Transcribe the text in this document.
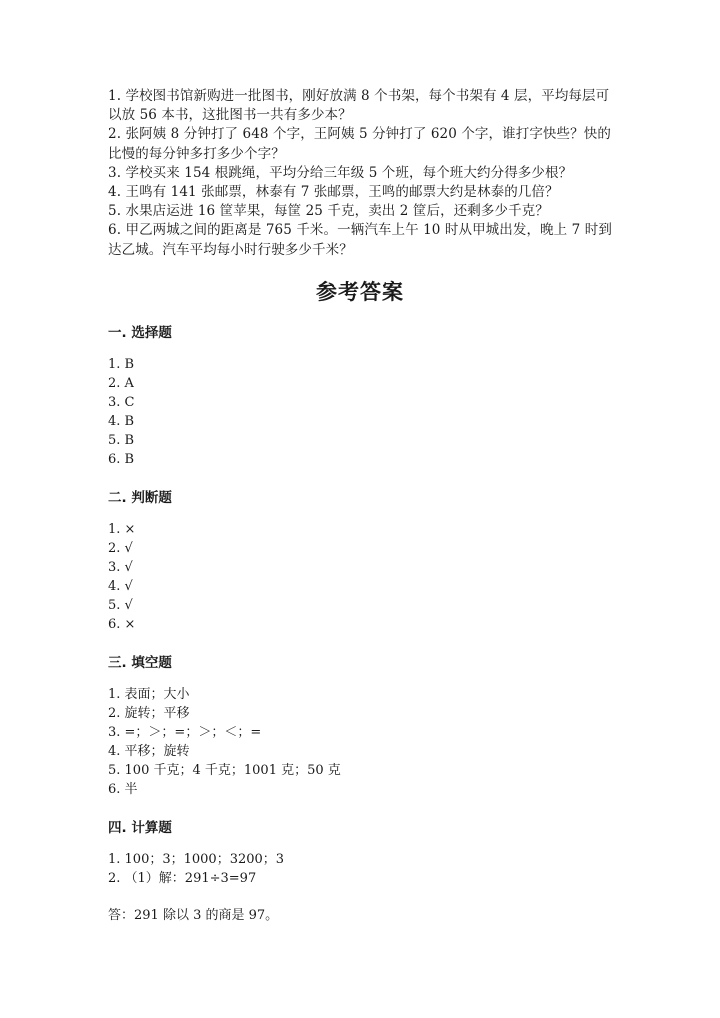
1. 学校图书馆新购进一批图书，刚好放满 8 个书架，每个书架有 4 层，平均每层可以放 56 本书，这批图书一共有多少本？

2. 张阿姨 8 分钟打了 648 个字，王阿姨 5 分钟打了 620 个字，谁打字快些？快的比慢的每分钟多打多少个字？

3. 学校买来 154 根跳绳，平均分给三年级 5 个班，每个班大约分得多少根？

4. 王鸣有 141 张邮票，林泰有 7 张邮票，王鸣的邮票大约是林泰的几倍？

5. 水果店运进 16 筐苹果，每筐 25 千克，卖出 2 筐后，还剩多少千克？

6. 甲乙两城之间的距离是 765 千米。一辆汽车上午 10 时从甲城出发，晚上 7 时到达乙城。汽车平均每小时行驶多少千米？

参考答案
一. 选择题
1. B
2. A
3. C
4. B
5. B
6. B
二. 判断题
1. ×
2. √
3. √
4. √
5. √
6. ×
三. 填空题
1. 表面；大小
2. 旋转；平移
3. =；＞；=；＞；＜；=
4. 平移；旋转
5. 100 千克；4 千克；1001 克；50 克
6. 半
四. 计算题
1. 100；3；1000；3200；3
2. （1）解：291÷3=97
答：291 除以 3 的商是 97。
